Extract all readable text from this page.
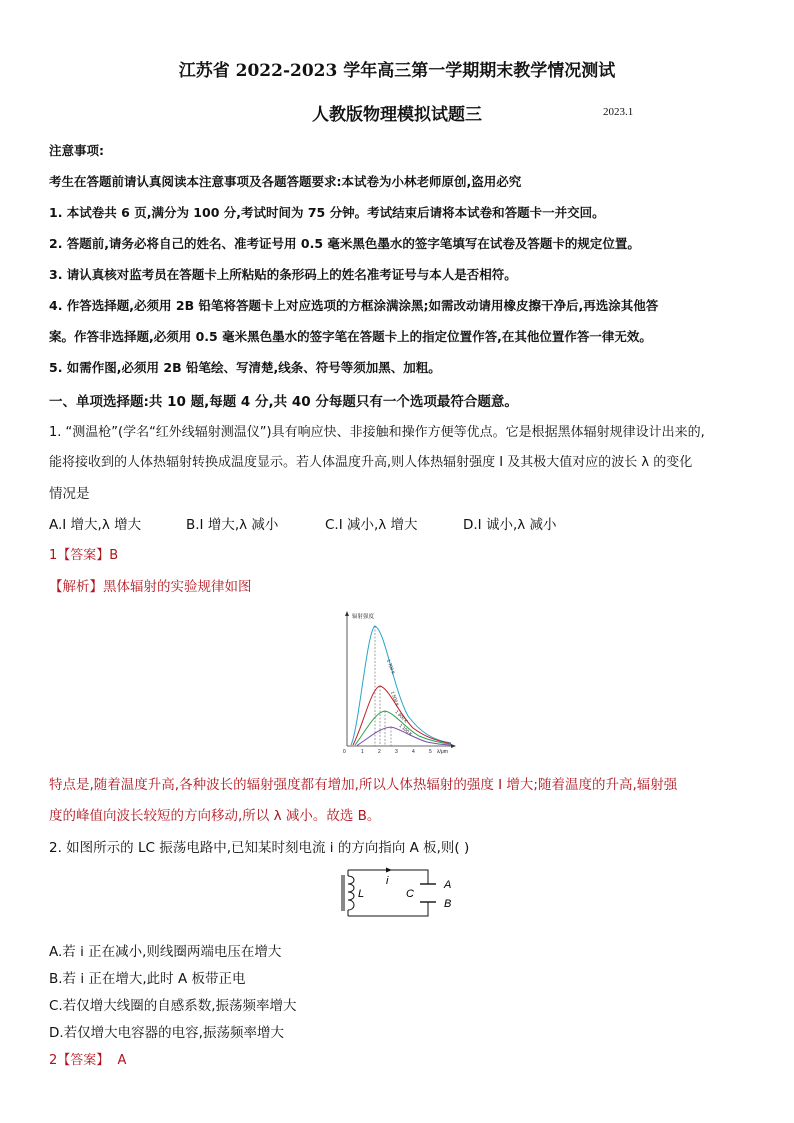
江苏省 2022-2023 学年高三第一学期期末教学情况测试
人教版物理模拟试题三	2023.1
注意事项:
考生在答题前请认真阅读本注意事项及各题答题要求:本试卷为小林老师原创,盗用必究
1. 本试卷共 6 页,满分为 100 分,考试时间为 75 分钟。考试结束后请将本试卷和答题卡一并交回。
2. 答题前,请务必将自己的姓名、准考证号用 0.5 毫米黑色墨水的签字笔填写在试卷及答题卡的规定位置。
3. 请认真核对监考员在答题卡上所粘贴的条形码上的姓名准考证号与本人是否相符。
4. 作答选择题,必须用 2B 铅笔将答题卡上对应选项的方框涂满涂黑;如需改动请用橡皮擦干净后,再选涂其他答
案。作答非选择题,必须用 0.5 毫米黑色墨水的签字笔在答题卡上的指定位置作答,在其他位置作答一律无效。
5. 如需作图,必须用 2B 铅笔绘、写清楚,线条、符号等须加黑、加粗。
一、单项选择题:共 10 题,每题 4 分,共 40 分每题只有一个选项最符合题意。
1. “测温枪”(学名“红外线辐射测温仪”)具有响应快、非接触和操作方便等优点。它是根据黑体辐射规律设计出来的,
能将接收到的人体热辐射转换成温度显示。若人体温度升高,则人体热辐射强度 I 及其极大值对应的波长 λ 的变化
情况是
A.I 增大,λ 增大	B.I 增大,λ 减小	C.I 减小,λ 增大	D.I 诚小,λ 减小
1【答案】B
【解析】黑体辐射的实验规律如图
辐射强度
λ/μm
0	1	2	3	4	5
1 700 K
1 500 K
1 300 K
1 100 K
特点是,随着温度升高,各种波长的辐射强度都有增加,所以人体热辐射的强度 I 增大;随着温度的升高,辐射强
度的峰值向波长较短的方向移动,所以 λ 减小。故选 B。
2. 如图所示的 LC 振荡电路中,已知某时刻电流 i 的方向指向 A 板,则( )
i
L	C
A
B
A.若 i 正在减小,则线圈两端电压在增大
B.若 i 正在增大,此时 A 板带正电
C.若仅增大线圈的自感系数,振荡频率增大
D.若仅增大电容器的电容,振荡频率增大
2【答案】 A
